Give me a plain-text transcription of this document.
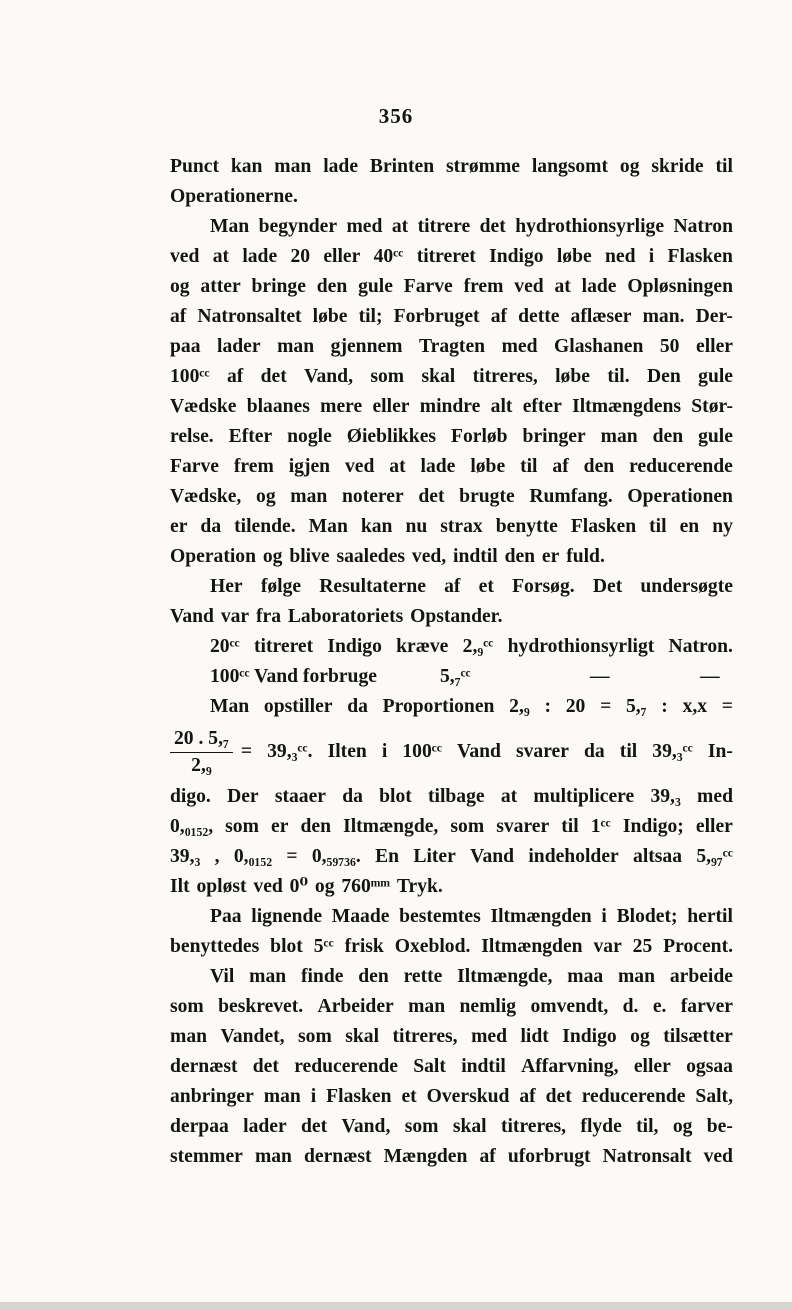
356
Punct kan man lade Brinten strømme langsomt og skride til
Operationerne.
Man begynder med at titrere det hydrothionsyrlige Natron
ved at lade 20 eller 40ᶜᶜ titreret Indigo løbe ned i Flasken
og atter bringe den gule Farve frem ved at lade Opløsningen
af Natronsaltet løbe til; Forbruget af dette aflæser man. Der-
paa lader man gjennem Tragten med Glashanen 50 eller
100ᶜᶜ af det Vand, som skal titreres, løbe til. Den gule
Vædske blaanes mere eller mindre alt efter Iltmængdens Stør-
relse. Efter nogle Øieblikkes Forløb bringer man den gule
Farve frem igjen ved at lade løbe til af den reducerende
Vædske, og man noterer det brugte Rumfang. Operationen
er da tilende. Man kan nu strax benytte Flasken til en ny
Operation og blive saaledes ved, indtil den er fuld.
Her følge Resultaterne af et Forsøg. Det undersøgte
Vand var fra Laboratoriets Opstander.
20ᶜᶜ titreret Indigo kræve 2,₉ᶜᶜ hydrothionsyrligt Natron.
100ᶜᶜ Vand forbruge	5,₇ᶜᶜ	—	—
Man opstiller da Proportionen 2,₉ : 20 = 5,₇ : x,x =
$\frac{\text{20 . 5,₇}}{\text{2,₉}}$ = 39,₃ᶜᶜ. Ilten i 100ᶜᶜ Vand svarer da til 39,₃ᶜᶜ In-
digo. Der staaer da blot tilbage at multiplicere 39,₃ med
0,₀₁₅₂, som er den Iltmængde, som svarer til 1ᶜᶜ Indigo; eller
39,₃ , 0,₀₁₅₂ = 0,₅₉₇₃₆. En Liter Vand indeholder altsaa 5,₉₇ᶜᶜ
Ilt opløst ved 0⁰ og 760ᵐᵐ Tryk.
Paa lignende Maade bestemtes Iltmængden i Blodet; hertil
benyttedes blot 5ᶜᶜ frisk Oxeblod. Iltmængden var 25 Procent.
Vil man finde den rette Iltmængde, maa man arbeide
som beskrevet. Arbeider man nemlig omvendt, d. e. farver
man Vandet, som skal titreres, med lidt Indigo og tilsætter
dernæst det reducerende Salt indtil Affarvning, eller ogsaa
anbringer man i Flasken et Overskud af det reducerende Salt,
derpaa lader det Vand, som skal titreres, flyde til, og be-
stemmer man dernæst Mængden af uforbrugt Natronsalt ved
